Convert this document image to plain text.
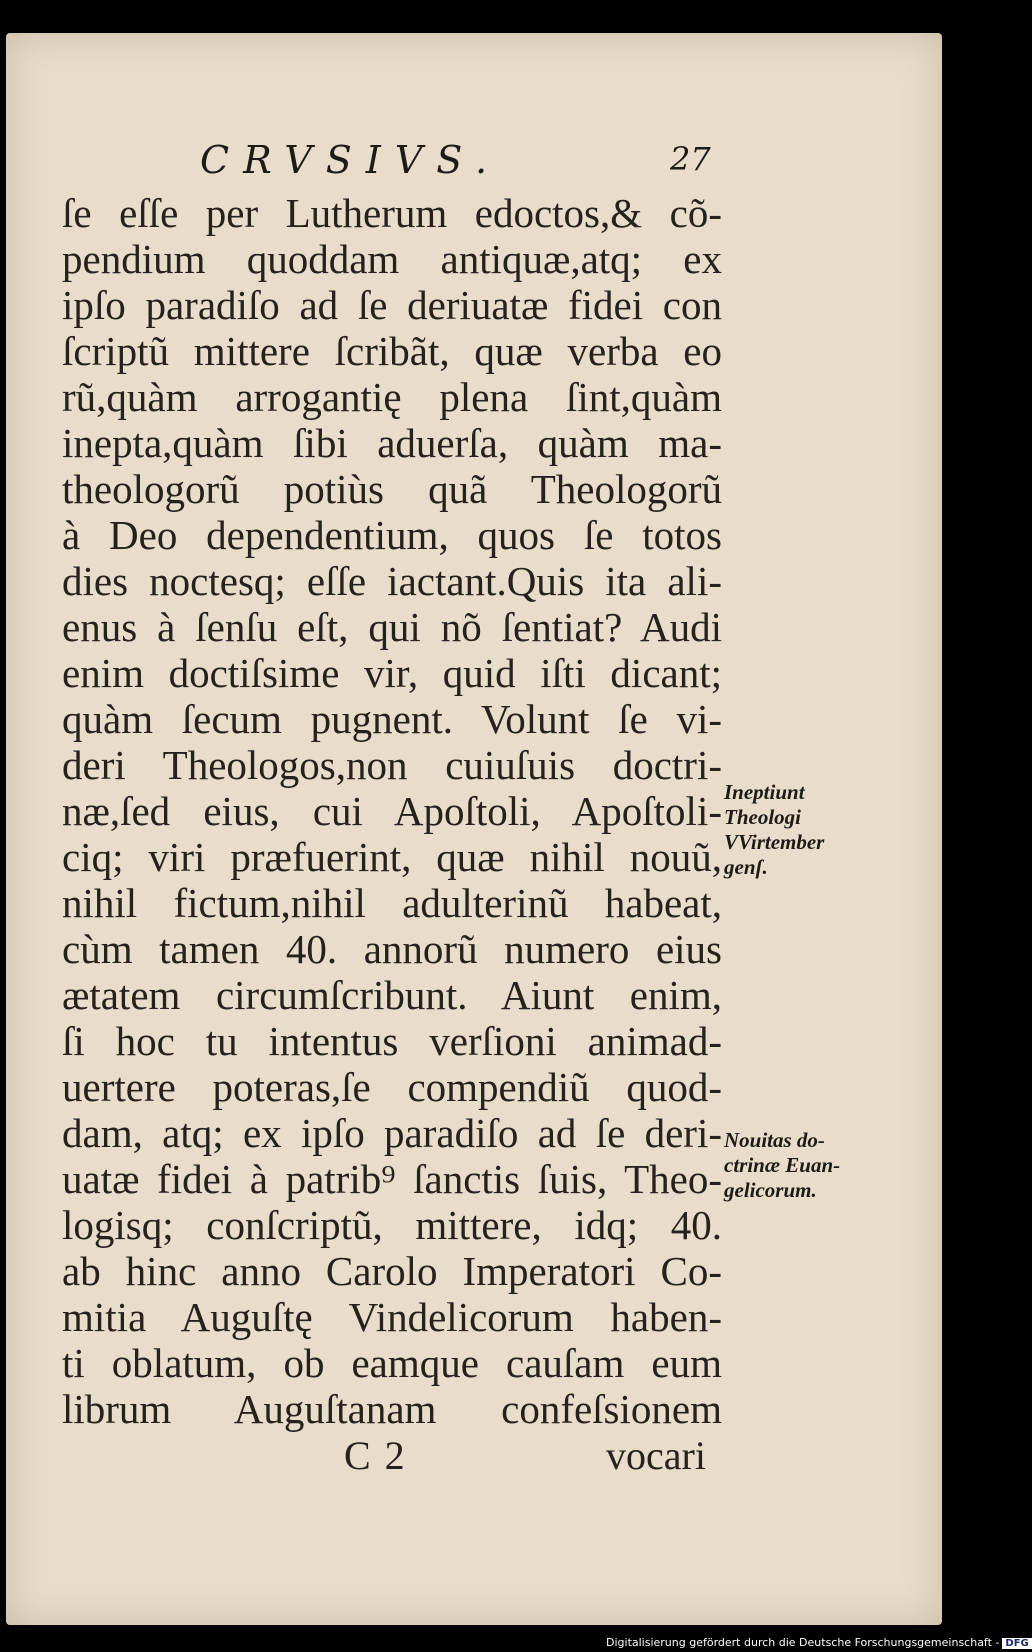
CRVSIVS.	27
ſe eſſe per Lutherum edoctos,& cõ-
pendium quoddam antiquæ,atq; ex
ipſo paradiſo ad ſe deriuatæ fidei con
ſcriptũ mittere ſcribãt, quæ verba eo
rũ,quàm arrogantię plena ſint,quàm
inepta,quàm ſibi aduerſa, quàm ma-
theologorũ potiùs quã Theologorũ
à Deo dependentium, quos ſe totos
dies noctesq; eſſe iactant.Quis ita ali-
enus à ſenſu eſt, qui nõ ſentiat? Audi
enim doctiſsime vir, quid iſti dicant;
quàm ſecum pugnent. Volunt ſe vi-
deri Theologos,non cuiuſuis doctri-
næ,ſed eius, cui Apoſtoli, Apoſtoli-
ciq; viri præfuerint, quæ nihil nouũ,
nihil fictum,nihil adulterinũ habeat,
cùm tamen 40. annorũ numero eius
ætatem circumſcribunt. Aiunt enim,
ſi hoc tu intentus verſioni animad-
uertere poteras,ſe compendiũ quod-
dam, atq; ex ipſo paradiſo ad ſe deri-
uatæ fidei à patrib⁹ ſanctis ſuis, Theo-
logisq; conſcriptũ, mittere, idq; 40.
ab hinc anno Carolo Imperatori Co-
mitia Auguſtę Vindelicorum haben-
ti oblatum, ob eamque cauſam eum
librum Auguſtanam confeſsionem
Ineptiunt
Theologi
VVirtember
genſ.
Nouitas do-
ctrinæ Euan-
gelicorum.
C 2	vocari
Digitalisierung gefördert durch die Deutsche Forschungsgemeinschaft - DFG
